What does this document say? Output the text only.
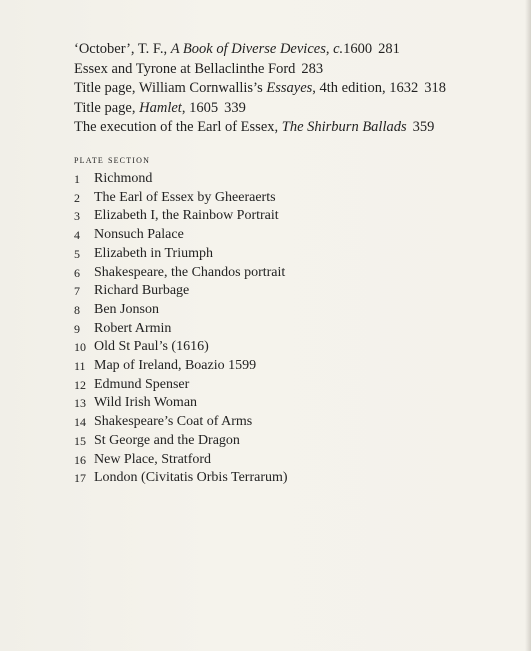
‘October’, T. F., A Book of Diverse Devices, c.1600 281
Essex and Tyrone at Bellaclinthe Ford 283
Title page, William Cornwallis’s Essayes, 4th edition, 1632 318
Title page, Hamlet, 1605 339
The execution of the Earl of Essex, The Shirburn Ballads 359
plate section
1	Richmond
2	The Earl of Essex by Gheeraerts
3	Elizabeth I, the Rainbow Portrait
4	Nonsuch Palace
5	Elizabeth in Triumph
6	Shakespeare, the Chandos portrait
7	Richard Burbage
8	Ben Jonson
9	Robert Armin
10 Old St Paul’s (1616)
11 Map of Ireland, Boazio 1599
12 Edmund Spenser
13 Wild Irish Woman
14 Shakespeare’s Coat of Arms
15 St George and the Dragon
16 New Place, Stratford
17 London (Civitatis Orbis Terrarum)
